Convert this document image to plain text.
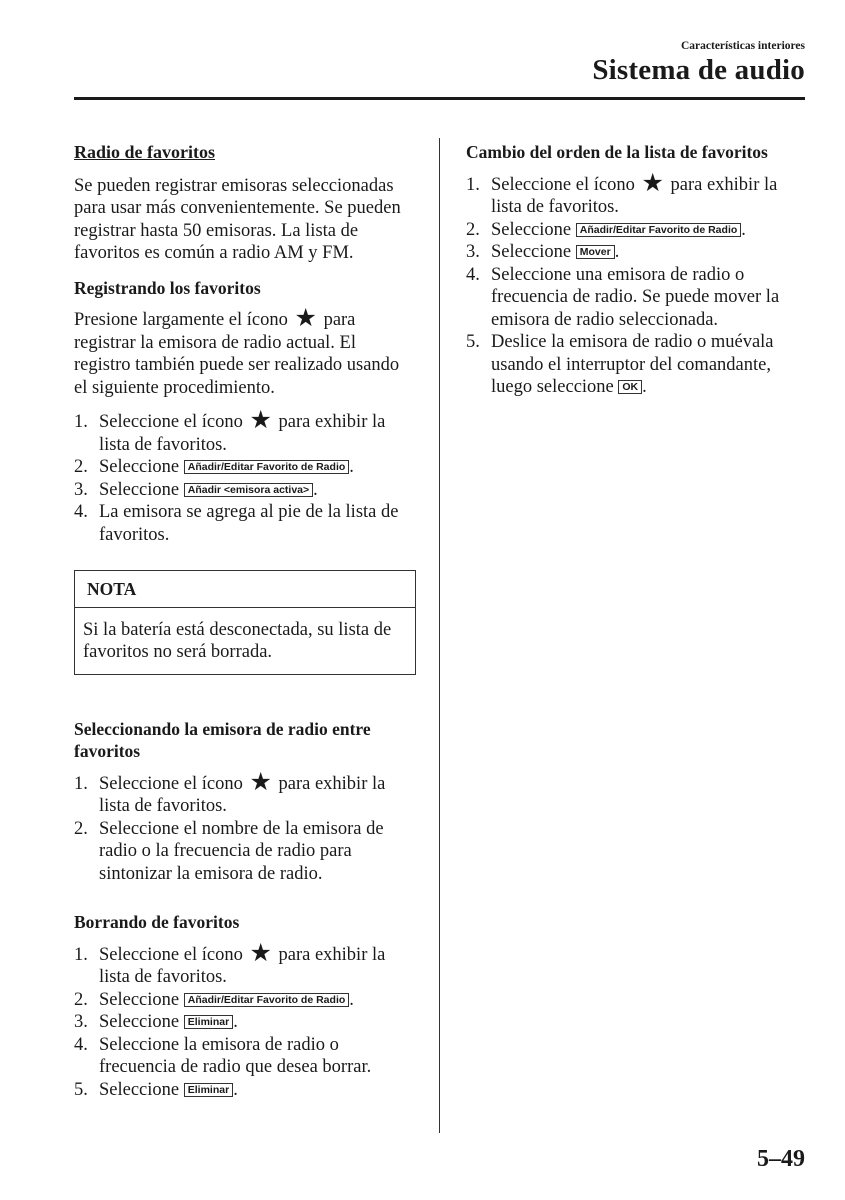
Características interiores
Sistema de audio
Radio de favoritos

Se pueden registrar emisoras seleccionadas para usar más convenientemente. Se pueden registrar hasta 50 emisoras. La lista de favoritos es común a radio AM y FM.

Registrando los favoritos

Presione largamente el ícono ★ para registrar la emisora de radio actual. El registro también puede ser realizado usando el siguiente procedimiento.

1. Seleccione el ícono ★ para exhibir la lista de favoritos.
2. Seleccione Añadir/Editar Favorito de Radio .
3. Seleccione Añadir <emisora activa> .
4. La emisora se agrega al pie de la lista de favoritos.
NOTA
Si la batería está desconectada, su lista de favoritos no será borrada.
Seleccionando la emisora de radio entre favoritos
1. Seleccione el ícono ★ para exhibir la lista de favoritos.
2. Seleccione el nombre de la emisora de radio o la frecuencia de radio para sintonizar la emisora de radio.
Borrando de favoritos
1. Seleccione el ícono ★ para exhibir la lista de favoritos.
2. Seleccione Añadir/Editar Favorito de Radio .
3. Seleccione Eliminar .
4. Seleccione la emisora de radio o frecuencia de radio que desea borrar.
5. Seleccione Eliminar .
Cambio del orden de la lista de favoritos
1. Seleccione el ícono ★ para exhibir la lista de favoritos.
2. Seleccione Añadir/Editar Favorito de Radio .
3. Seleccione Mover .
4. Seleccione una emisora de radio o frecuencia de radio. Se puede mover la emisora de radio seleccionada.
5. Deslice la emisora de radio o muévala usando el interruptor del comandante, luego seleccione OK .
5–49
